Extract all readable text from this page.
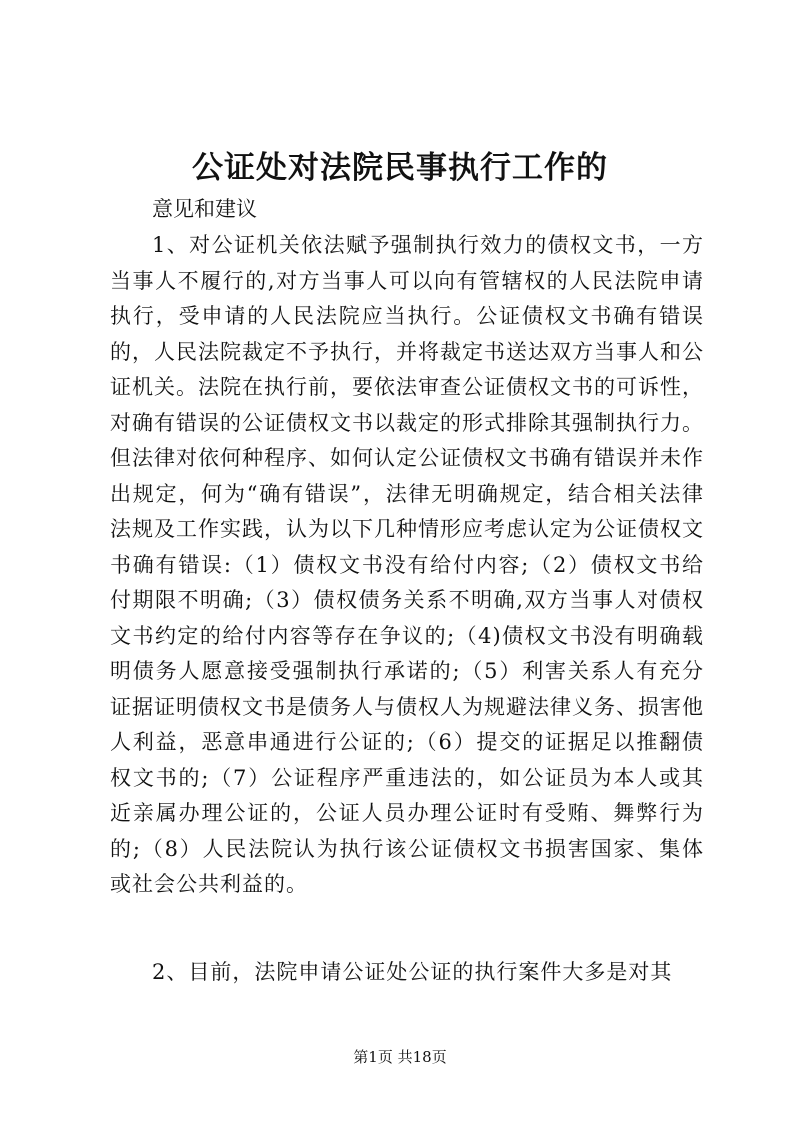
公证处对法院民事执行工作的

意见和建议

1、对公证机关依法赋予强制执行效力的债权文书，一方当事人不履行的,对方当事人可以向有管辖权的人民法院申请执行，受申请的人民法院应当执行。公证债权文书确有错误的，人民法院裁定不予执行，并将裁定书送达双方当事人和公证机关。法院在执行前，要依法审查公证债权文书的可诉性，对确有错误的公证债权文书以裁定的形式排除其强制执行力。但法律对依何种程序、如何认定公证债权文书确有错误并未作出规定，何为“确有错误”，法律无明确规定，结合相关法律法规及工作实践，认为以下几种情形应考虑认定为公证债权文书确有错误:（1）债权文书没有给付内容;（2）债权文书给付期限不明确;（3）债权债务关系不明确,双方当事人对债权文书约定的给付内容等存在争议的;（4)债权文书没有明确载明债务人愿意接受强制执行承诺的;（5）利害关系人有充分证据证明债权文书是债务人与债权人为规避法律义务、损害他人利益，恶意串通进行公证的;（6）提交的证据足以推翻债权文书的;（7）公证程序严重违法的，如公证员为本人或其近亲属办理公证的，公证人员办理公证时有受贿、舞弊行为的;（8）人民法院认为执行该公证债权文书损害国家、集体或社会公共利益的。

2、目前，法院申请公证处公证的执行案件大多是对其

第1页 共18页
